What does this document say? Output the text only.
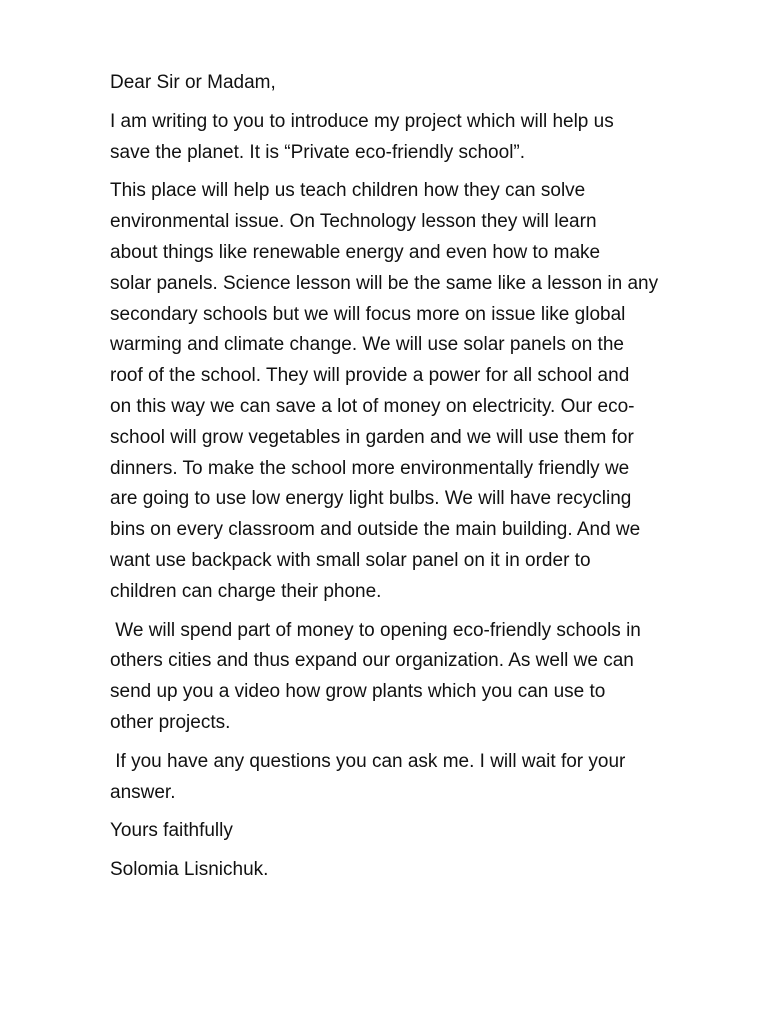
Dear Sir or Madam,

I am writing to you to introduce my project which will help us
save the planet. It is “Private eco-friendly school”.

This place will help us teach children how they can solve
environmental issue. On Technology lesson they will learn
about things like renewable energy and even how to make
solar panels. Science lesson will be the same like a lesson in any
secondary schools but we will focus more on issue like global
warming and climate change. We will use solar panels on the
roof of the school. They will provide a power for all school and
on this way we can save a lot of money on electricity. Our eco-
school will grow vegetables in garden and we will use them for
dinners. To make the school more environmentally friendly we
are going to use low energy light bulbs. We will have recycling
bins on every classroom and outside the main building. And we
want use backpack with small solar panel on it in order to
children can charge their phone.

We will spend part of money to opening eco-friendly schools in
others cities and thus expand our organization. As well we can
send up you a video how grow plants which you can use to
other projects.

If you have any questions you can ask me. I will wait for your
answer.

Yours faithfully

Solomia Lisnichuk.
